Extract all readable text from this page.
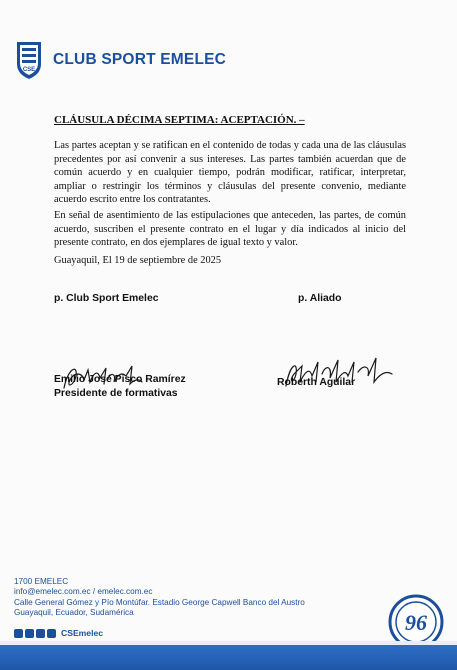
CSE
CLUB SPORT EMELEC
CLÁUSULA DÉCIMA SEPTIMA: ACEPTACIÓN. –
Las partes aceptan y se ratifican en el contenido de todas y cada una de las cláusulas precedentes por así convenir a sus intereses. Las partes también acuerdan que de común acuerdo y en cualquier tiempo, podrán modificar, ratificar, interpretar, ampliar o restringir los términos y cláusulas del presente convenio, mediante acuerdo escrito entre los contratantes.
En señal de asentimiento de las estipulaciones que anteceden, las partes, de común acuerdo, suscriben el presente contrato en el lugar y día indicados al inicio del presente contrato, en dos ejemplares de igual texto y valor.
Guayaquil, El 19 de septiembre de 2025
p. Club Sport Emelec	p. Aliado
Emilio José Pisco Ramírez
Presidente de formativas
Roberth Aguilar
1700 EMELEC
info@emelec.com.ec / emelec.com.ec
Calle General Gómez y Pío Montúfar. Estadio George Capwell Banco del Austro
Guayaquil, Ecuador, Sudamérica	96
CSEmelec
